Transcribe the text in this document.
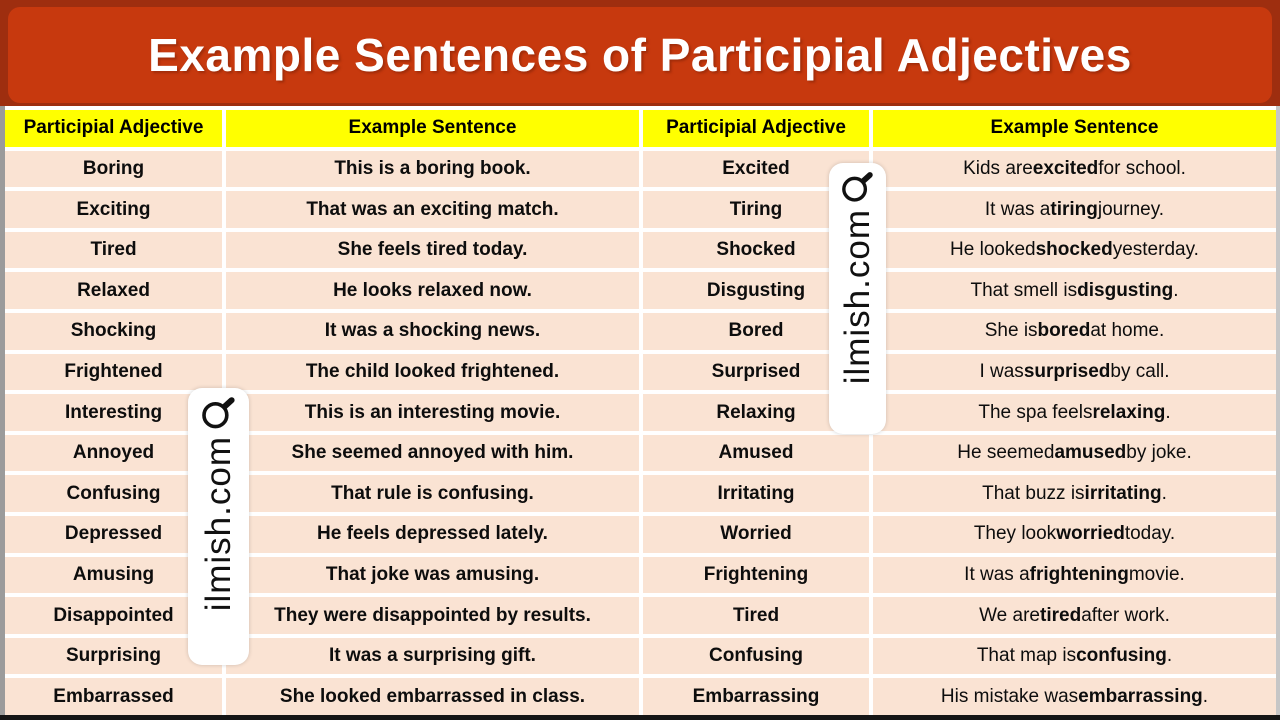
Example Sentences of Participial Adjectives
Participial Adjective	Example Sentence	Participial Adjective	Example Sentence
Boring	This is a boring book.	Excited	Kids are excited for school.
Exciting	That was an exciting match.	Tiring	It was a tiring journey.
Tired	She feels tired today.	Shocked	He looked shocked yesterday.
Relaxed	He looks relaxed now.	Disgusting	That smell is disgusting .
Shocking	It was a shocking news.	Bored	She is bored at home.
Frightened	The child looked frightened.	Surprised	I was surprised by call.
Interesting	This is an interesting movie.	Relaxing	The spa feels relaxing .
Annoyed	She seemed annoyed with him.	Amused	He seemed amused by joke.
Confusing	That rule is confusing.	Irritating	That buzz is irritating .
Depressed	He feels depressed lately.	Worried	They look worried today.
Amusing	That joke was amusing.	Frightening	It was a frightening movie.
Disappointed	They were disappointed by results.	Tired	We are tired after work.
Surprising	It was a surprising gift.	Confusing	That map is confusing .
Embarrassed	She looked embarrassed in class.	Embarrassing	His mistake was embarrassing .
ilmish.com
ilmish.com
